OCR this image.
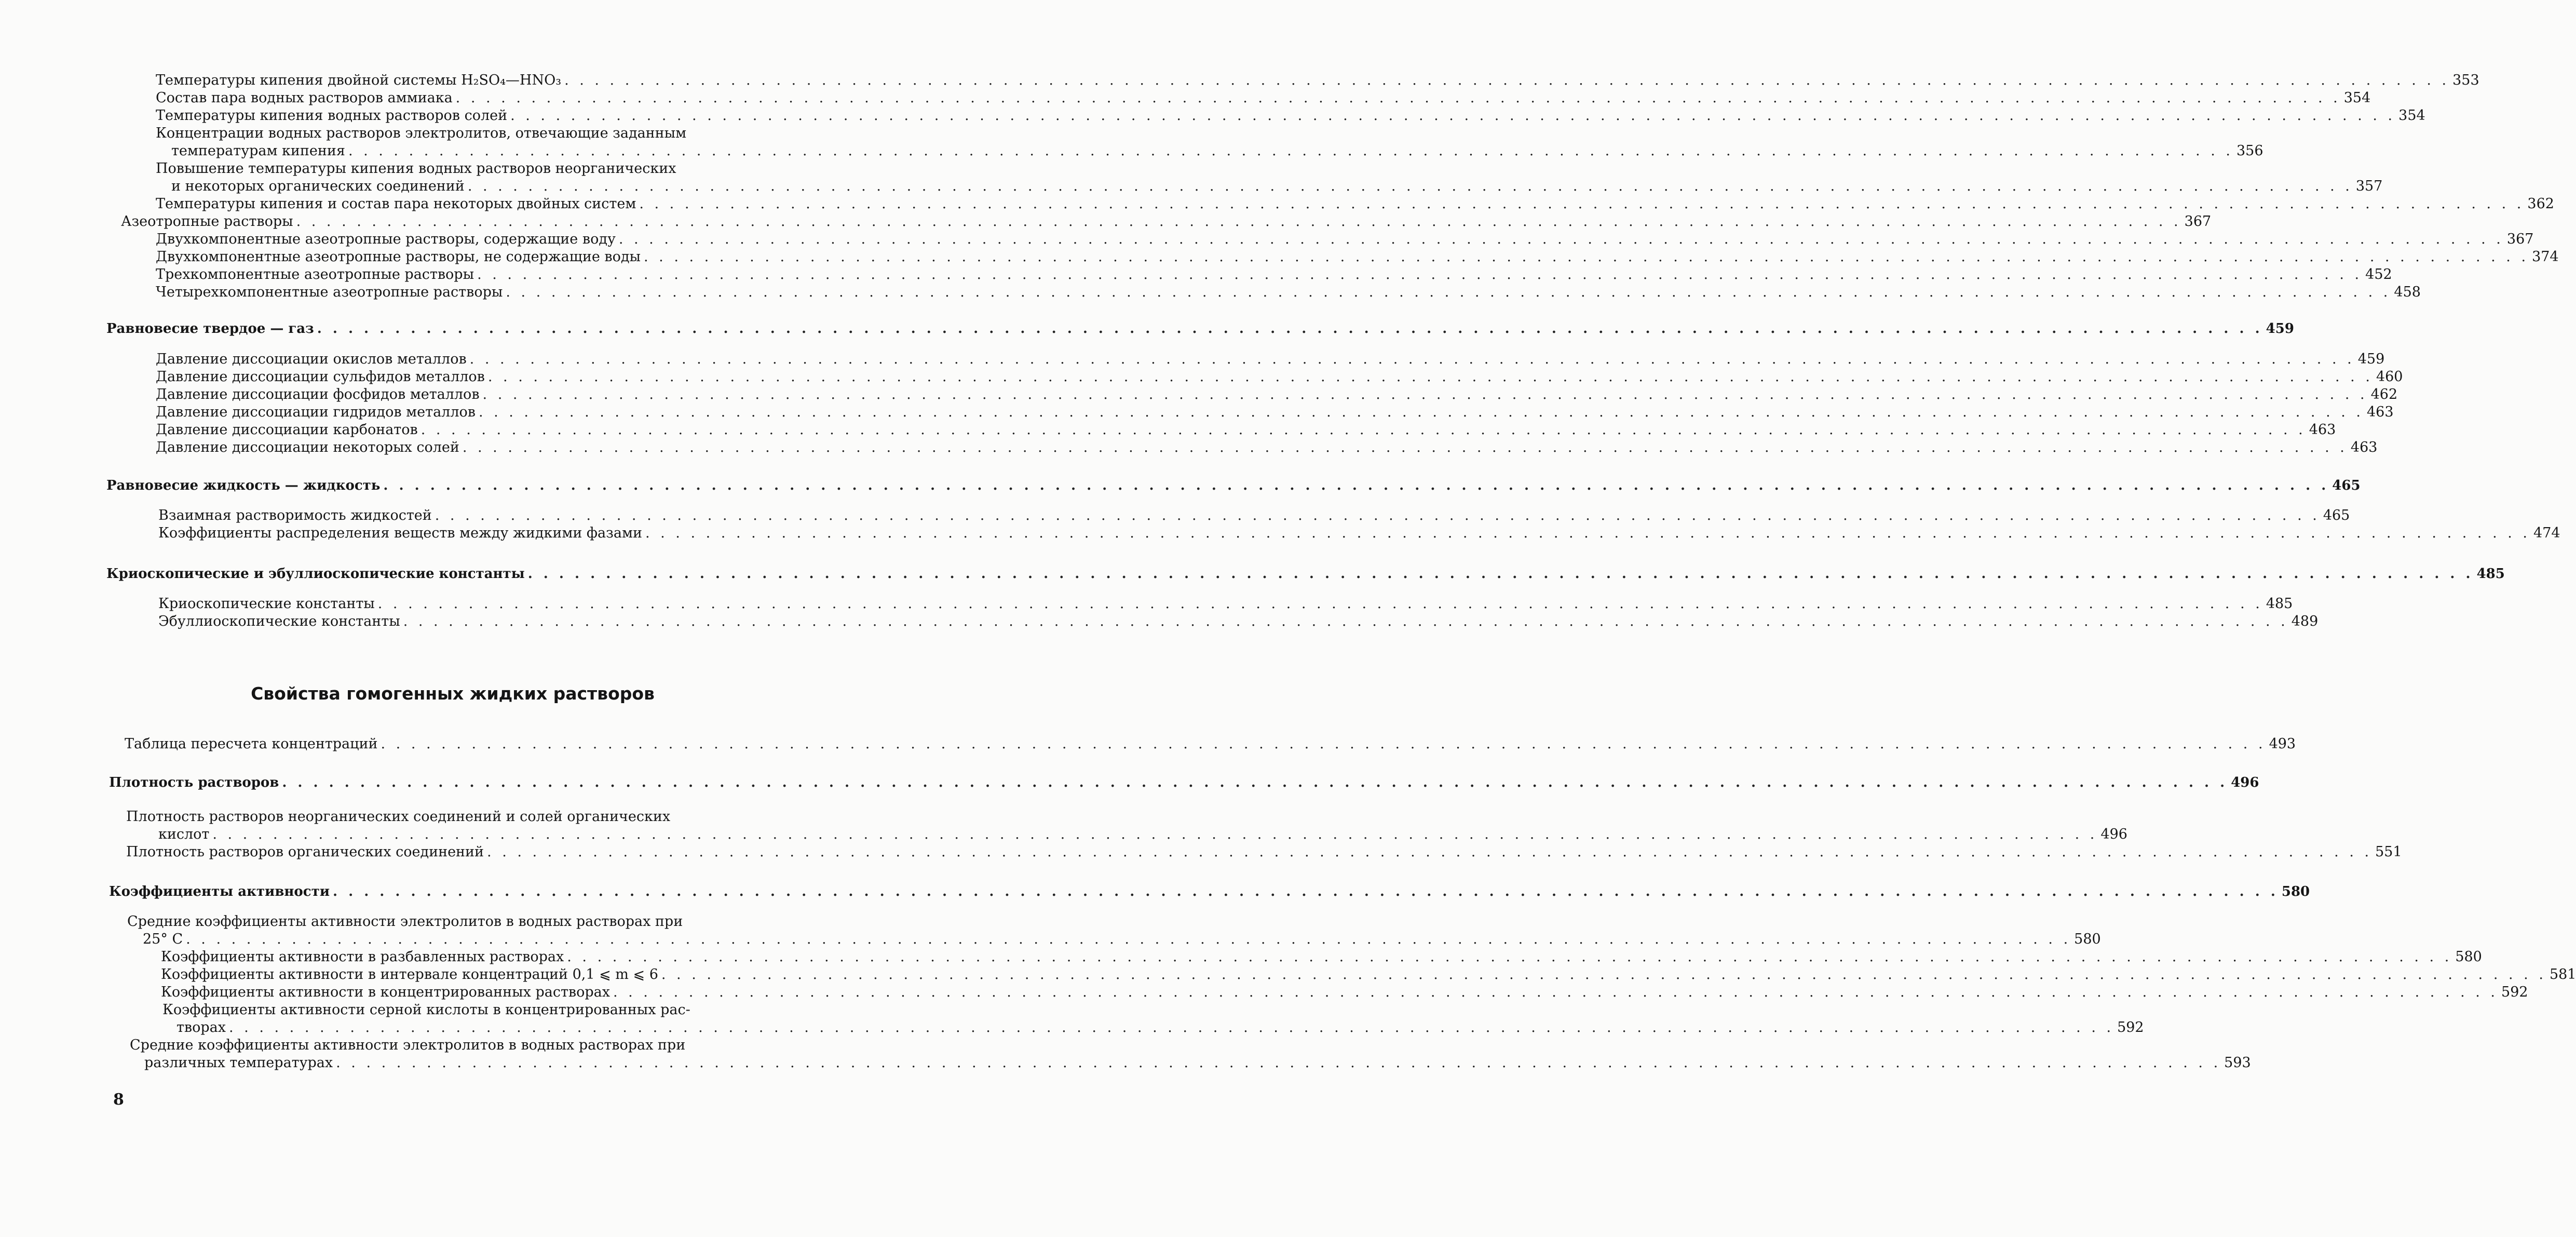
Температуры кипения двойной системы H₂SO₄—HNO₃ . . .	353
Состав пара водных растворов аммиака . . .	354
Температуры кипения водных растворов солей . . .	354
Концентрации водных растворов электролитов, отвечающие заданным
температурам кипения . . .	356
Повышение температуры кипения водных растворов неорганических
и некоторых органических соединений . . .	357
Температуры кипения и состав пара некоторых двойных систем . . .	362
Азеотропные растворы . . .	367
Двухкомпонентные азеотропные растворы, содержащие воду . . .	367
Двухкомпонентные азеотропные растворы, не содержащие воды . . .	374
Трехкомпонентные азеотропные растворы . . .	452
Четырехкомпонентные азеотропные растворы . . .	458
Равновесие твердое — газ . . .	459
Давление диссоциации окислов металлов . . .	459
Давление диссоциации сульфидов металлов . . .	460
Давление диссоциации фосфидов металлов . . .	462
Давление диссоциации гидридов металлов . . .	463
Давление диссоциации карбонатов . . .	463
Давление диссоциации некоторых солей . . .	463
Равновесие жидкость — жидкость . . .	465
Взаимная растворимость жидкостей . . .	465
Коэффициенты распределения веществ между жидкими фазами . . .	474
Криоскопические и эбуллиоскопические константы . . .	485
Криоскопические константы . . .	485
Эбуллиоскопические константы . . .	489
Свойства гомогенных жидких растворов
Таблица пересчета концентраций . . .	493
Плотность растворов . . .	496
Плотность растворов неорганических соединений и солей органических
кислот . . .	496
Плотность растворов органических соединений . . .	551
Коэффициенты активности . . .	580
Средние коэффициенты активности электролитов в водных растворах при
25° C . . .	580
Коэффициенты активности в разбавленных растворах . . .	580
Коэффициенты активности в интервале концентраций 0,1 ⩽ m ⩽ 6 . . .	581
Коэффициенты активности в концентрированных растворах . . .	592
Коэффициенты активности серной кислоты в концентрированных рас-
творах . . .	592
Средние коэффициенты активности электролитов в водных растворах при
различных температурах . . .	593
8
